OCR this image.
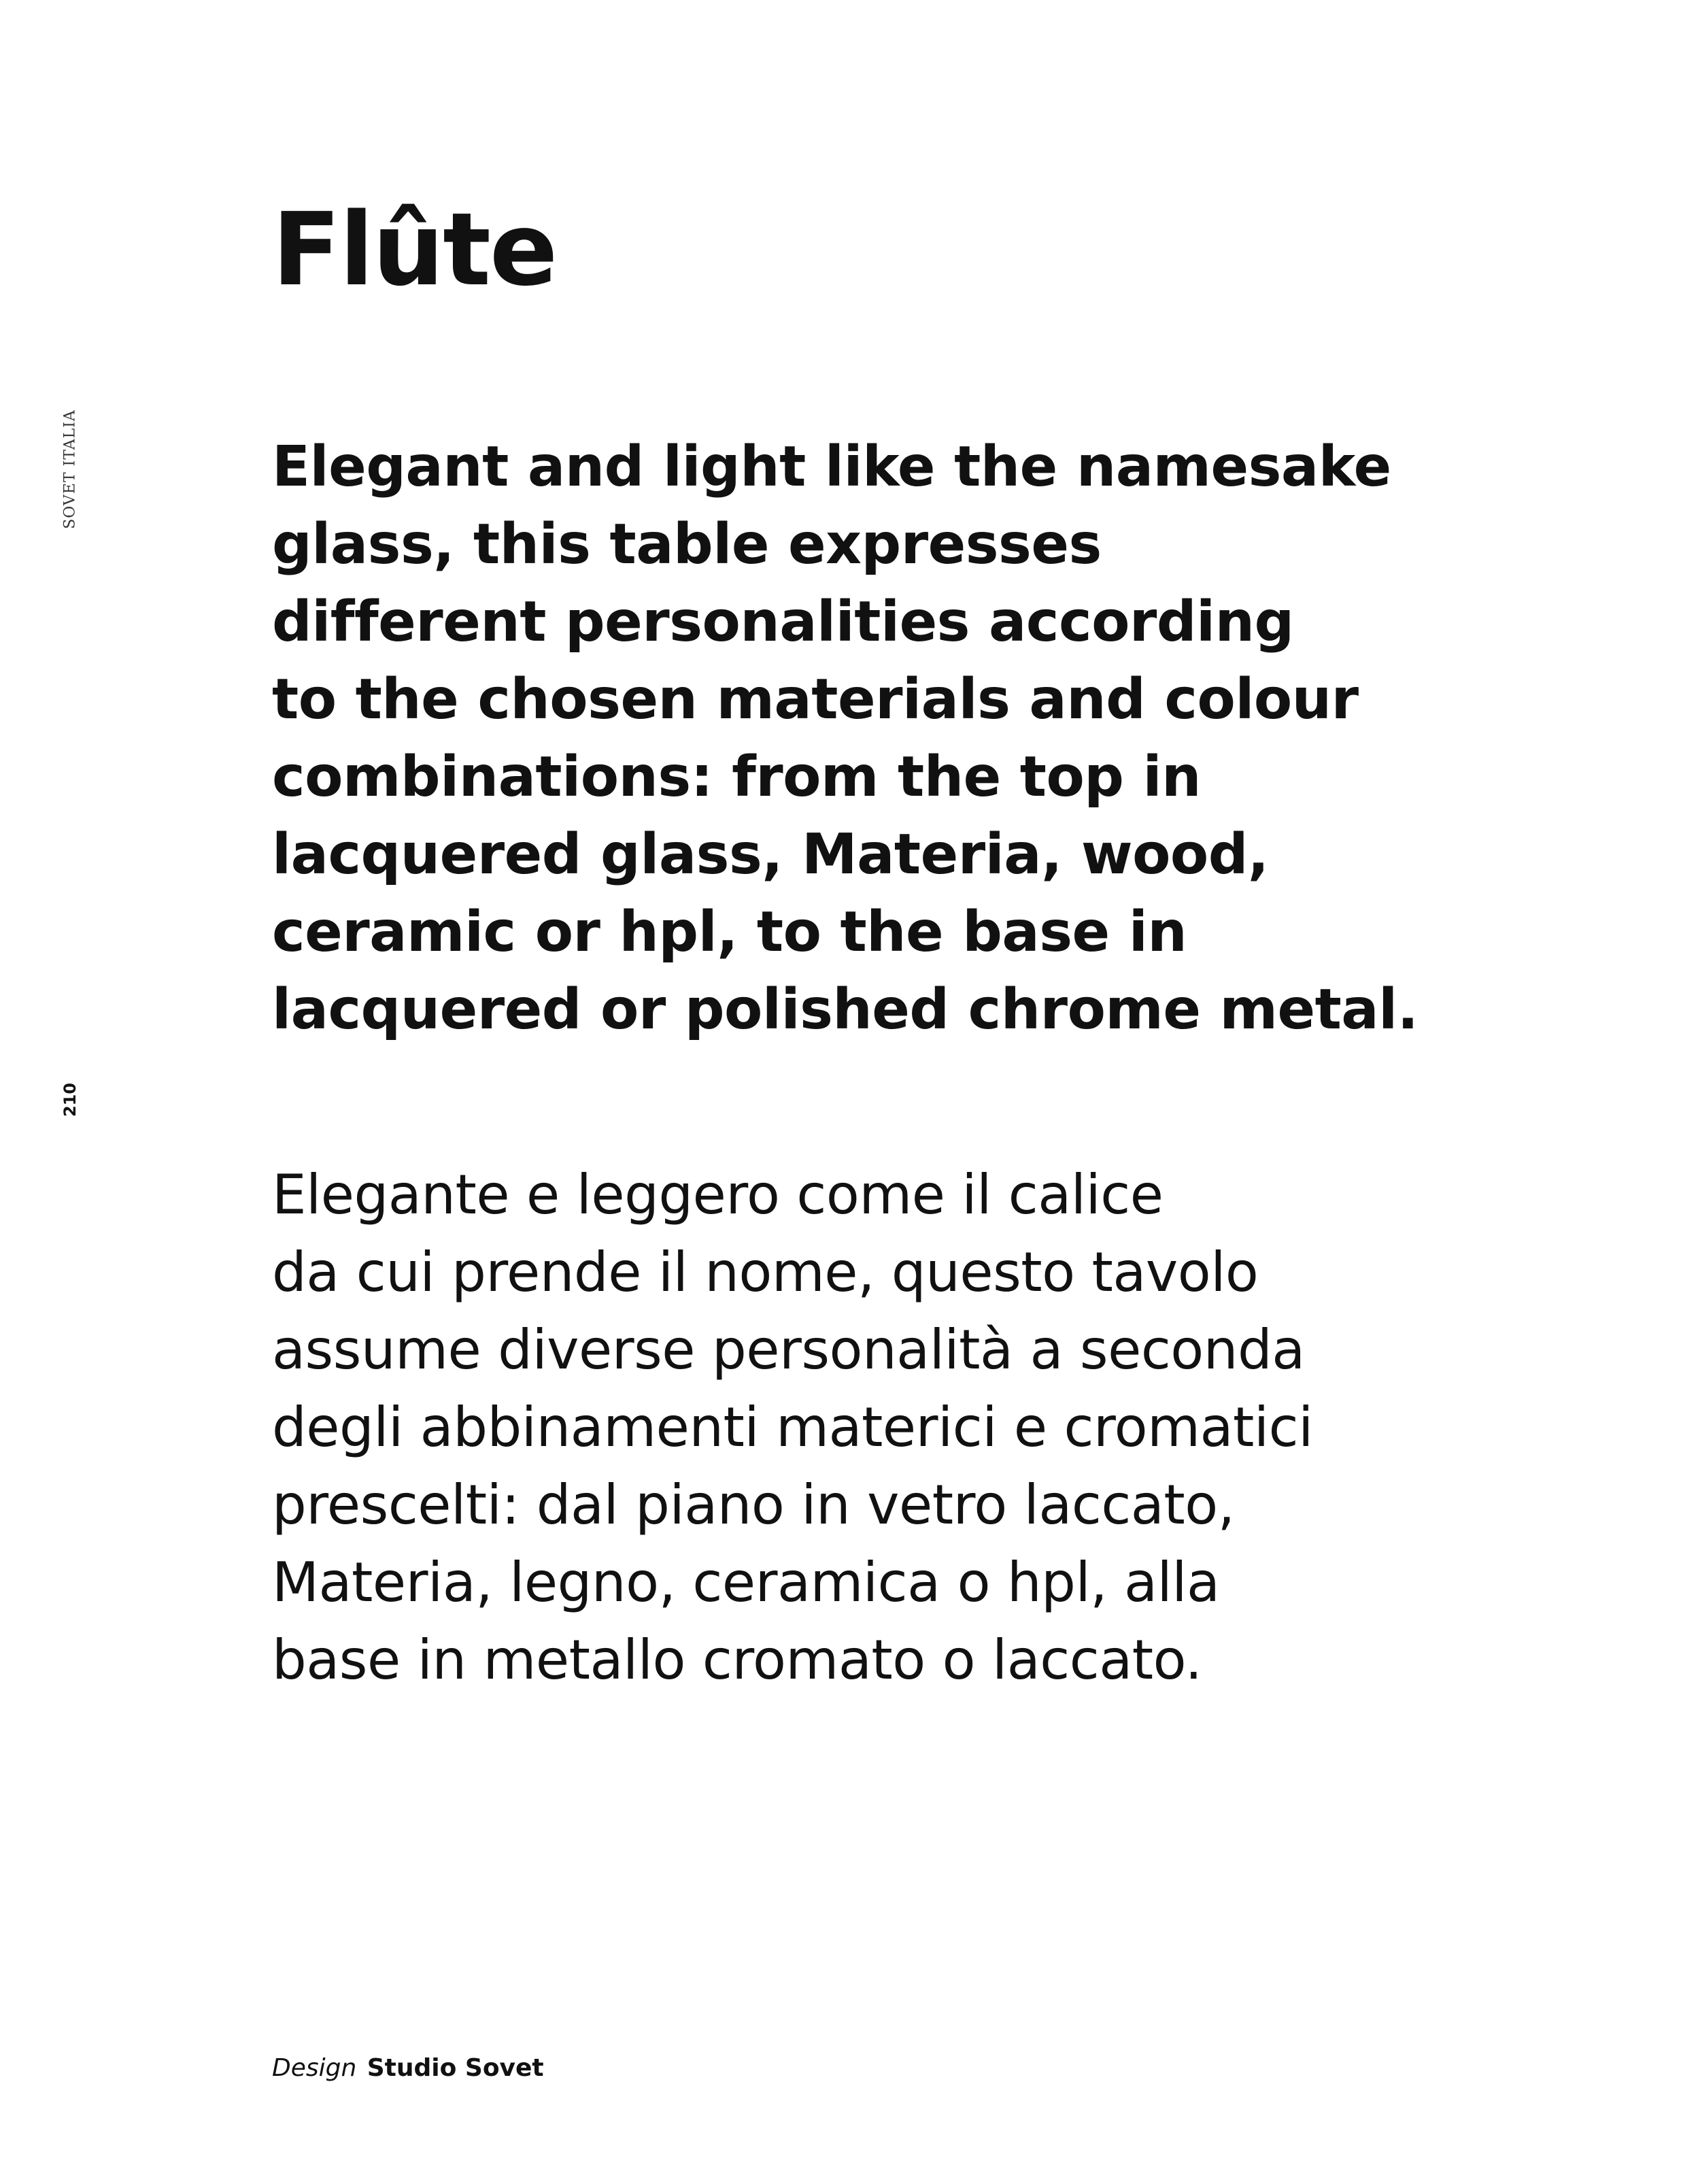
SOVET ITALIA
210
Flûte

Elegant and light like the namesake
glass, this table expresses
different personalities according
to the chosen materials and colour
combinations: from the top in
lacquered glass, Materia, wood,
ceramic or hpl, to the base in
lacquered or polished chrome metal.

Elegante e leggero come il calice
da cui prende il nome, questo tavolo
assume diverse personalità a seconda
degli abbinamenti materici e cromatici
prescelti: dal piano in vetro laccato,
Materia, legno, ceramica o hpl, alla
base in metallo cromato o laccato.

Design Studio Sovet
